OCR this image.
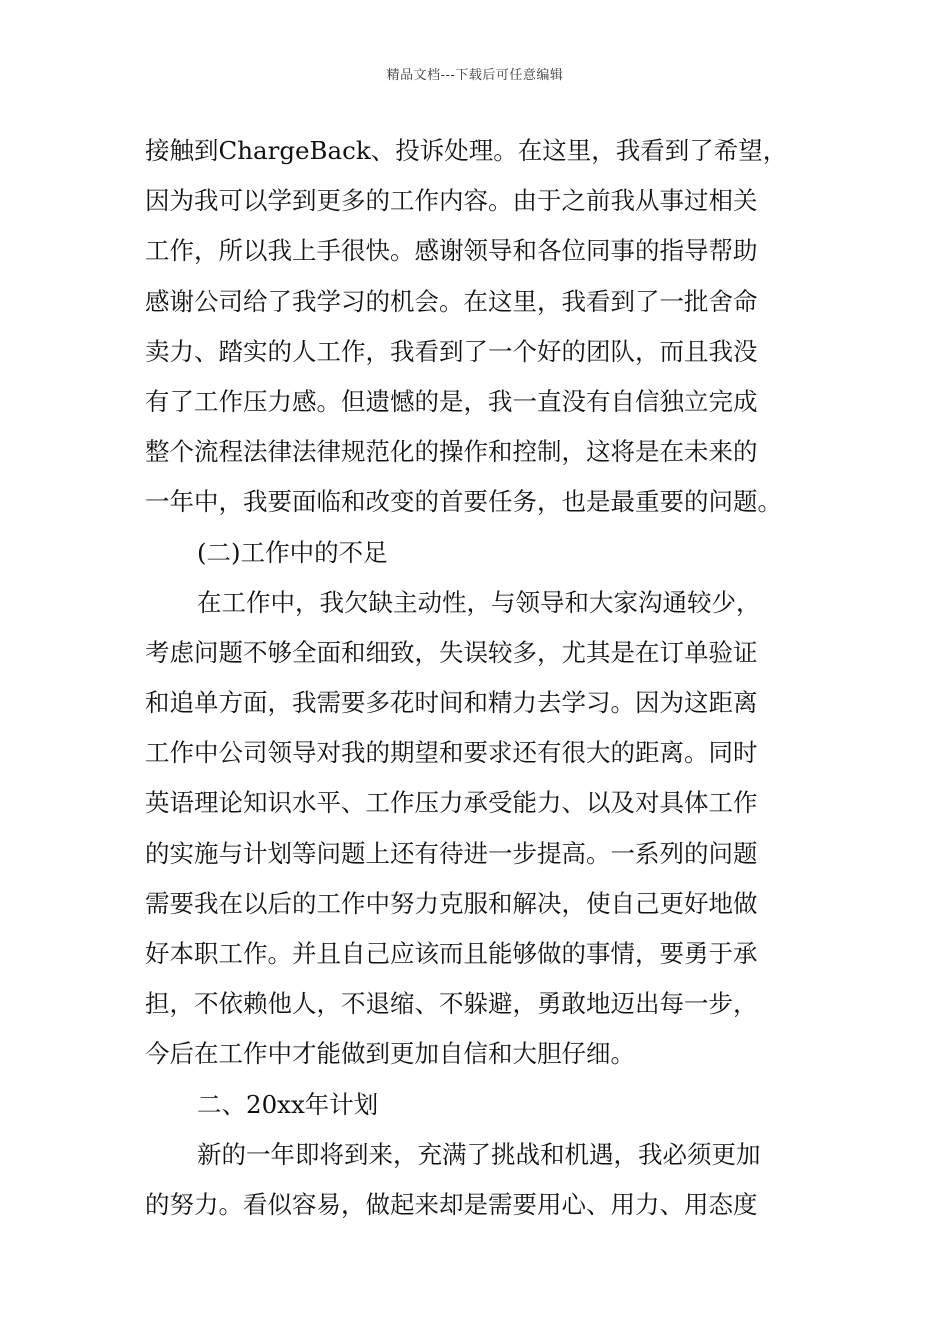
精品文档---下载后可任意编辑
接触到ChargeBack、投诉处理。在这里，我看到了希望，
因为我可以学到更多的工作内容。由于之前我从事过相关
工作，所以我上手很快。感谢领导和各位同事的指导帮助
感谢公司给了我学习的机会。在这里，我看到了一批舍命
卖力、踏实的人工作，我看到了一个好的团队，而且我没
有了工作压力感。但遗憾的是，我一直没有自信独立完成
整个流程法律法律规范化的操作和控制，这将是在未来的
一年中，我要面临和改变的首要任务，也是最重要的问题。
(二)工作中的不足
在工作中，我欠缺主动性，与领导和大家沟通较少，
考虑问题不够全面和细致，失误较多，尤其是在订单验证
和追单方面，我需要多花时间和精力去学习。因为这距离
工作中公司领导对我的期望和要求还有很大的距离。同时
英语理论知识水平、工作压力承受能力、以及对具体工作
的实施与计划等问题上还有待进一步提高。一系列的问题
需要我在以后的工作中努力克服和解决，使自己更好地做
好本职工作。并且自己应该而且能够做的事情，要勇于承
担，不依赖他人，不退缩、不躲避，勇敢地迈出每一步，
今后在工作中才能做到更加自信和大胆仔细。
二、20xx年计划
新的一年即将到来，充满了挑战和机遇，我必须更加
的努力。看似容易，做起来却是需要用心、用力、用态度
